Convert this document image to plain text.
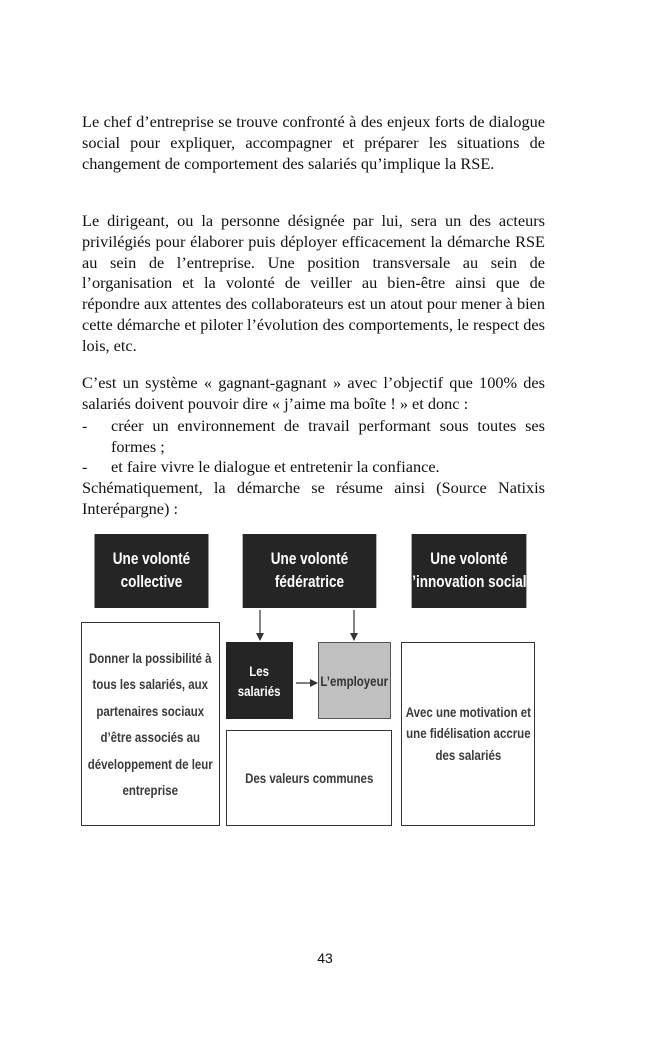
Le chef d’entreprise se trouve confronté à des enjeux forts de dialogue social pour expliquer, accompagner et préparer les situations de changement de comportement des salariés qu’implique la RSE.

Le dirigeant, ou la personne désignée par lui, sera un des acteurs privilégiés pour élaborer puis déployer efficacement la démarche RSE au sein de l’entreprise. Une position transversale au sein de l’organisation et la volonté de veiller au bien-être ainsi que de répondre aux attentes des collaborateurs est un atout pour mener à bien cette démarche et piloter l’évolution des comportements, le respect des lois, etc.

C’est un système « gagnant-gagnant » avec l’objectif que 100% des salariés doivent pouvoir dire « j’aime ma boîte ! » et donc :

- créer un environnement de travail performant sous toutes ses formes ;
- et faire vivre le dialogue et entretenir la confiance.

Schématiquement, la démarche se résume ainsi (Source Natixis Interépargne) :

Une volonté
collective
Une volonté
fédératrice
Une volonté
d’innovation sociale
Donner la possibilité à
tous les salariés, aux
partenaires sociaux
d’être associés au
développement de leur
entreprise
Les
salariés
L’employeur
Des valeurs communes
Avec une motivation et
une fidélisation accrue
des salariés
43
